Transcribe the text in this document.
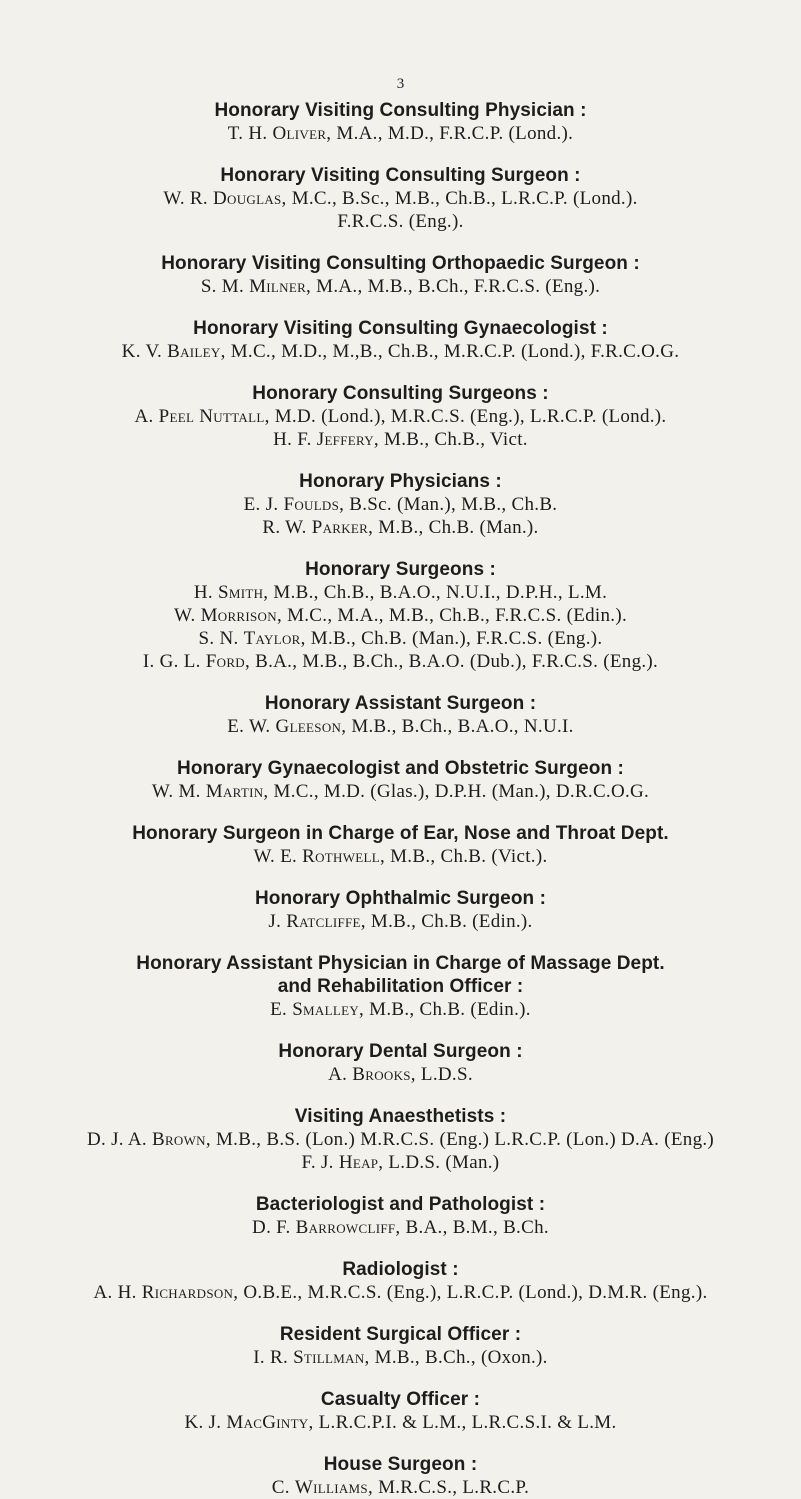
3
Honorary Visiting Consulting Physician :
T. H. Oliver, M.A., M.D., F.R.C.P. (Lond.).
Honorary Visiting Consulting Surgeon :
W. R. Douglas, M.C., B.Sc., M.B., Ch.B., L.R.C.P. (Lond.).
F.R.C.S. (Eng.).
Honorary Visiting Consulting Orthopaedic Surgeon :
S. M. Milner, M.A., M.B., B.Ch., F.R.C.S. (Eng.).
Honorary Visiting Consulting Gynaecologist :
K. V. Bailey, M.C., M.D., M.,B., Ch.B., M.R.C.P. (Lond.), F.R.C.O.G.
Honorary Consulting Surgeons :
A. Peel Nuttall, M.D. (Lond.), M.R.C.S. (Eng.), L.R.C.P. (Lond.).
H. F. Jeffery, M.B., Ch.B., Vict.
Honorary Physicians :
E. J. Foulds, B.Sc. (Man.), M.B., Ch.B.
R. W. Parker, M.B., Ch.B. (Man.).
Honorary Surgeons :
H. Smith, M.B., Ch.B., B.A.O., N.U.I., D.P.H., L.M.
W. Morrison, M.C., M.A., M.B., Ch.B., F.R.C.S. (Edin.).
S. N. Taylor, M.B., Ch.B. (Man.), F.R.C.S. (Eng.).
I. G. L. Ford, B.A., M.B., B.Ch., B.A.O. (Dub.), F.R.C.S. (Eng.).
Honorary Assistant Surgeon :
E. W. Gleeson, M.B., B.Ch., B.A.O., N.U.I.
Honorary Gynaecologist and Obstetric Surgeon :
W. M. Martin, M.C., M.D. (Glas.), D.P.H. (Man.), D.R.C.O.G.
Honorary Surgeon in Charge of Ear, Nose and Throat Dept.
W. E. Rothwell, M.B., Ch.B. (Vict.).
Honorary Ophthalmic Surgeon :
J. Ratcliffe, M.B., Ch.B. (Edin.).
Honorary Assistant Physician in Charge of Massage Dept.
and Rehabilitation Officer :
E. Smalley, M.B., Ch.B. (Edin.).
Honorary Dental Surgeon :
A. Brooks, L.D.S.
Visiting Anaesthetists :
D. J. A. Brown, M.B., B.S. (Lon.) M.R.C.S. (Eng.) L.R.C.P. (Lon.) D.A. (Eng.)
F. J. Heap, L.D.S. (Man.)
Bacteriologist and Pathologist :
D. F. Barrowcliff, B.A., B.M., B.Ch.
Radiologist :
A. H. Richardson, O.B.E., M.R.C.S. (Eng.), L.R.C.P. (Lond.), D.M.R. (Eng.).
Resident Surgical Officer :
I. R. Stillman, M.B., B.Ch., (Oxon.).
Casualty Officer :
K. J. MacGinty, L.R.C.P.I. & L.M., L.R.C.S.I. & L.M.
House Surgeon :
C. Williams, M.R.C.S., L.R.C.P.
